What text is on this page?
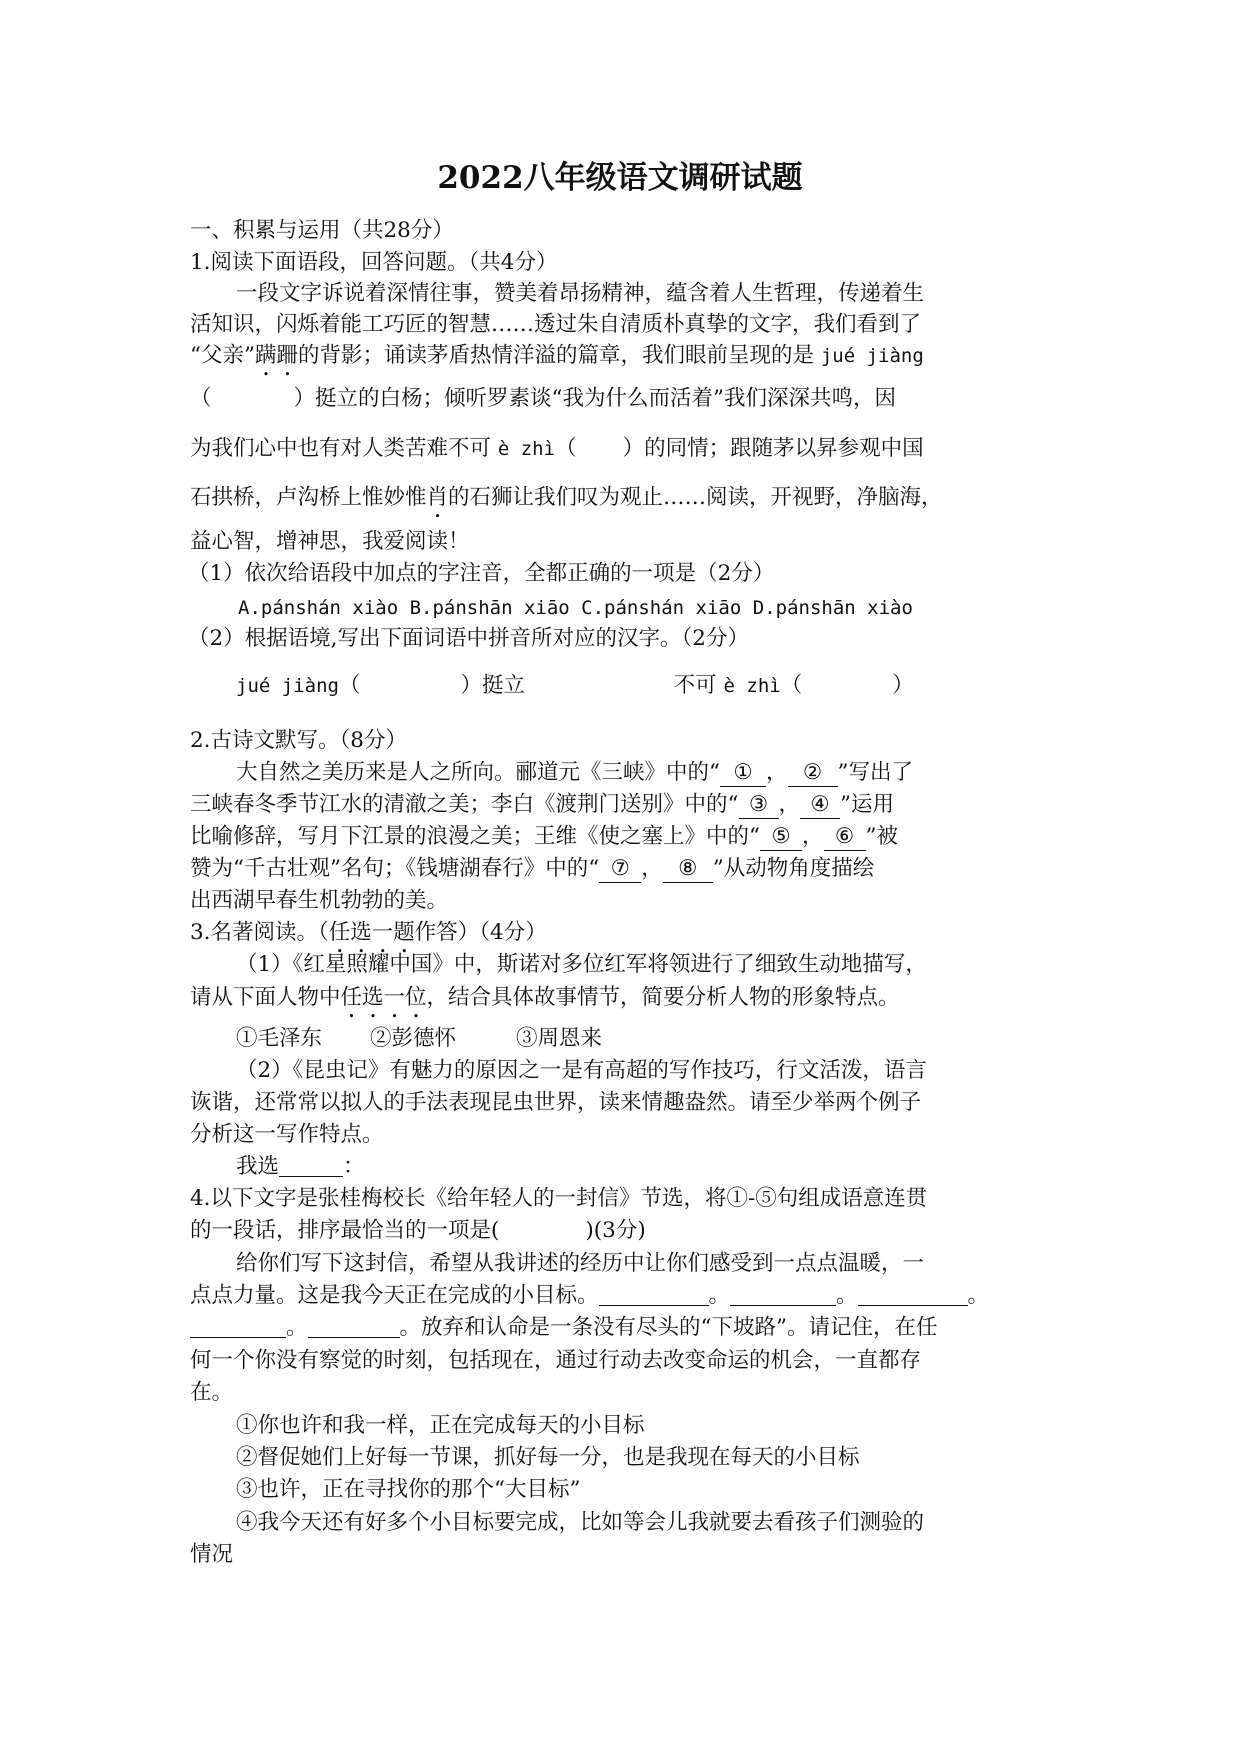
2022八年级语文调研试题
一、积累与运用（共28分）
1.阅读下面语段，回答问题。（共4分）
一段文字诉说着深情往事，赞美着昂扬精神，蕴含着人生哲理，传递着生
活知识，闪烁着能工巧匠的智慧……透过朱自清质朴真挚的文字，我们看到了
“父亲”蹒跚的背影；诵读茅盾热情洋溢的篇章，我们眼前呈现的是 jué jiàng
（	）挺立的白杨；倾听罗素谈“我为什么而活着”我们深深共鸣，因
为我们心中也有对人类苦难不可 è zhì（ ）的同情；跟随茅以昇参观中国
石拱桥，卢沟桥上惟妙惟肖的石狮让我们叹为观止……阅读，开视野，净脑海，
益心智，增神思，我爱阅读！
（1）依次给语段中加点的字注音，全都正确的一项是（2分）
A.pánshán xiào B.pánshān xiāo C.pánshán xiāo D.pánshān xiào
（2）根据语境,写出下面词语中拼音所对应的汉字。（2分）
jué jiàng（	）挺立	不可 è zhì（	）
2.古诗文默写。（8分）
大自然之美历来是人之所向。郦道元《三峡》中的“ ① ， ② ”写出了
三峡春冬季节江水的清澈之美；李白《渡荆门送别》中的“ ③ ， ④ ”运用
比喻修辞，写月下江景的浪漫之美；王维《使之塞上》中的“ ⑤ ， ⑥ ”被
赞为“千古壮观”名句；《钱塘湖春行》中的“ ⑦ ， ⑧ ”从动物角度描绘
出西湖早春生机勃勃的美。
3.名著阅读。（任选一题作答）（4分）
（1）《红星照耀中国》中，斯诺对多位红军将领进行了细致生动地描写，
请从下面人物中任选一位，结合具体故事情节，简要分析人物的形象特点。
①毛泽东 ②彭德怀	③周恩来
（2）《昆虫记》有魅力的原因之一是有高超的写作技巧，行文活泼，语言
诙谐，还常常以拟人的手法表现昆虫世界，读来情趣盎然。请至少举两个例子
分析这一写作特点。
我选	：
4.以下文字是张桂梅校长《给年轻人的一封信》节选，将①-⑤句组成语意连贯
的一段话，排序最恰当的一项是(	)(3分)
给你们写下这封信，希望从我讲述的经历中让你们感受到一点点温暖，一
点点力量。这是我今天正在完成的小目标。	。	。	。
。	。放弃和认命是一条没有尽头的“下坡路”。请记住，在任
何一个你没有察觉的时刻，包括现在，通过行动去改变命运的机会，一直都存
在。
①你也许和我一样，正在完成每天的小目标
②督促她们上好每一节课，抓好每一分，也是我现在每天的小目标
③也许，正在寻找你的那个“大目标”
④我今天还有好多个小目标要完成，比如等会儿我就要去看孩子们测验的
情况
